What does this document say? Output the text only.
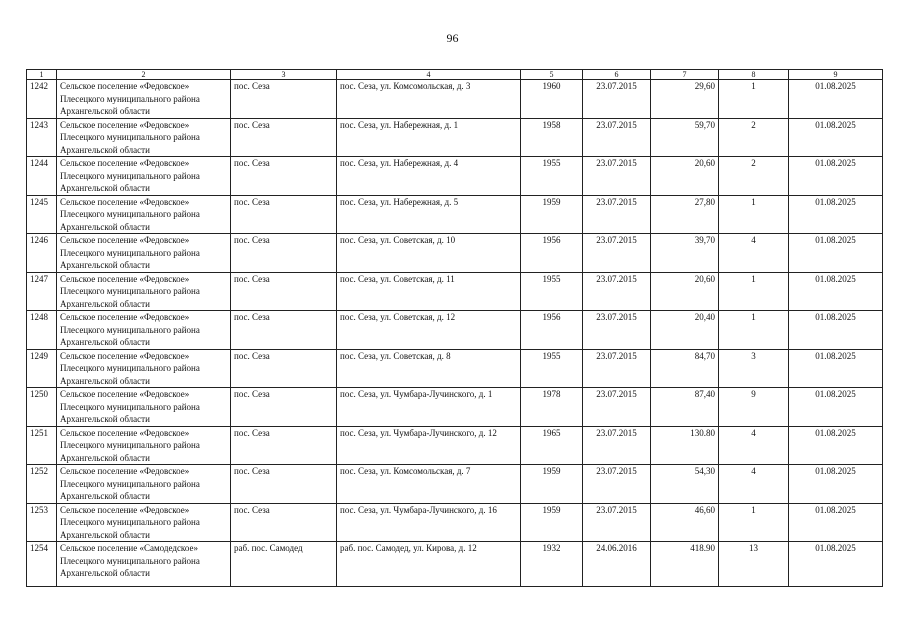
96
1	2	3	4	5	6	7	8	9
1242	Сельское поселение «Федовское» Плесецкого муниципального района Архангельской области	пос. Сеза	пос. Сеза, ул. Комсомольская, д. 3	1960	23.07.2015	29,60	1	01.08.2025
1243	Сельское поселение «Федовское» Плесецкого муниципального района Архангельской области	пос. Сеза	пос. Сеза, ул. Набережная, д. 1	1958	23.07.2015	59,70	2	01.08.2025
1244	Сельское поселение «Федовское» Плесецкого муниципального района Архангельской области	пос. Сеза	пос. Сеза, ул. Набережная, д. 4	1955	23.07.2015	20,60	2	01.08.2025
1245	Сельское поселение «Федовское» Плесецкого муниципального района Архангельской области	пос. Сеза	пос. Сеза, ул. Набережная, д. 5	1959	23.07.2015	27,80	1	01.08.2025
1246	Сельское поселение «Федовское» Плесецкого муниципального района Архангельской области	пос. Сеза	пос. Сеза, ул. Советская, д. 10	1956	23.07.2015	39,70	4	01.08.2025
1247	Сельское поселение «Федовское» Плесецкого муниципального района Архангельской области	пос. Сеза	пос. Сеза, ул. Советская, д. 11	1955	23.07.2015	20,60	1	01.08.2025
1248	Сельское поселение «Федовское» Плесецкого муниципального района Архангельской области	пос. Сеза	пос. Сеза, ул. Советская, д. 12	1956	23.07.2015	20,40	1	01.08.2025
1249	Сельское поселение «Федовское» Плесецкого муниципального района Архангельской области	пос. Сеза	пос. Сеза, ул. Советская, д. 8	1955	23.07.2015	84,70	3	01.08.2025
1250	Сельское поселение «Федовское» Плесецкого муниципального района Архангельской области	пос. Сеза	пос. Сеза, ул. Чумбара-Лучинского, д. 1	1978	23.07.2015	87,40	9	01.08.2025
1251	Сельское поселение «Федовское» Плесецкого муниципального района Архангельской области	пос. Сеза	пос. Сеза, ул. Чумбара-Лучинского, д. 12	1965	23.07.2015	130.80	4	01.08.2025
1252	Сельское поселение «Федовское» Плесецкого муниципального района Архангельской области	пос. Сеза	пос. Сеза, ул. Комсомольская, д. 7	1959	23.07.2015	54,30	4	01.08.2025
1253	Сельское поселение «Федовское» Плесецкого муниципального района Архангельской области	пос. Сеза	пос. Сеза, ул. Чумбара-Лучинского, д. 16	1959	23.07.2015	46,60	1	01.08.2025
1254	Сельское поселение «Самодедское» Плесецкого муниципального района Архангельской области	раб. пос. Самодед	раб. пос. Самодед, ул. Кирова, д. 12	1932	24.06.2016	418.90	13	01.08.2025
